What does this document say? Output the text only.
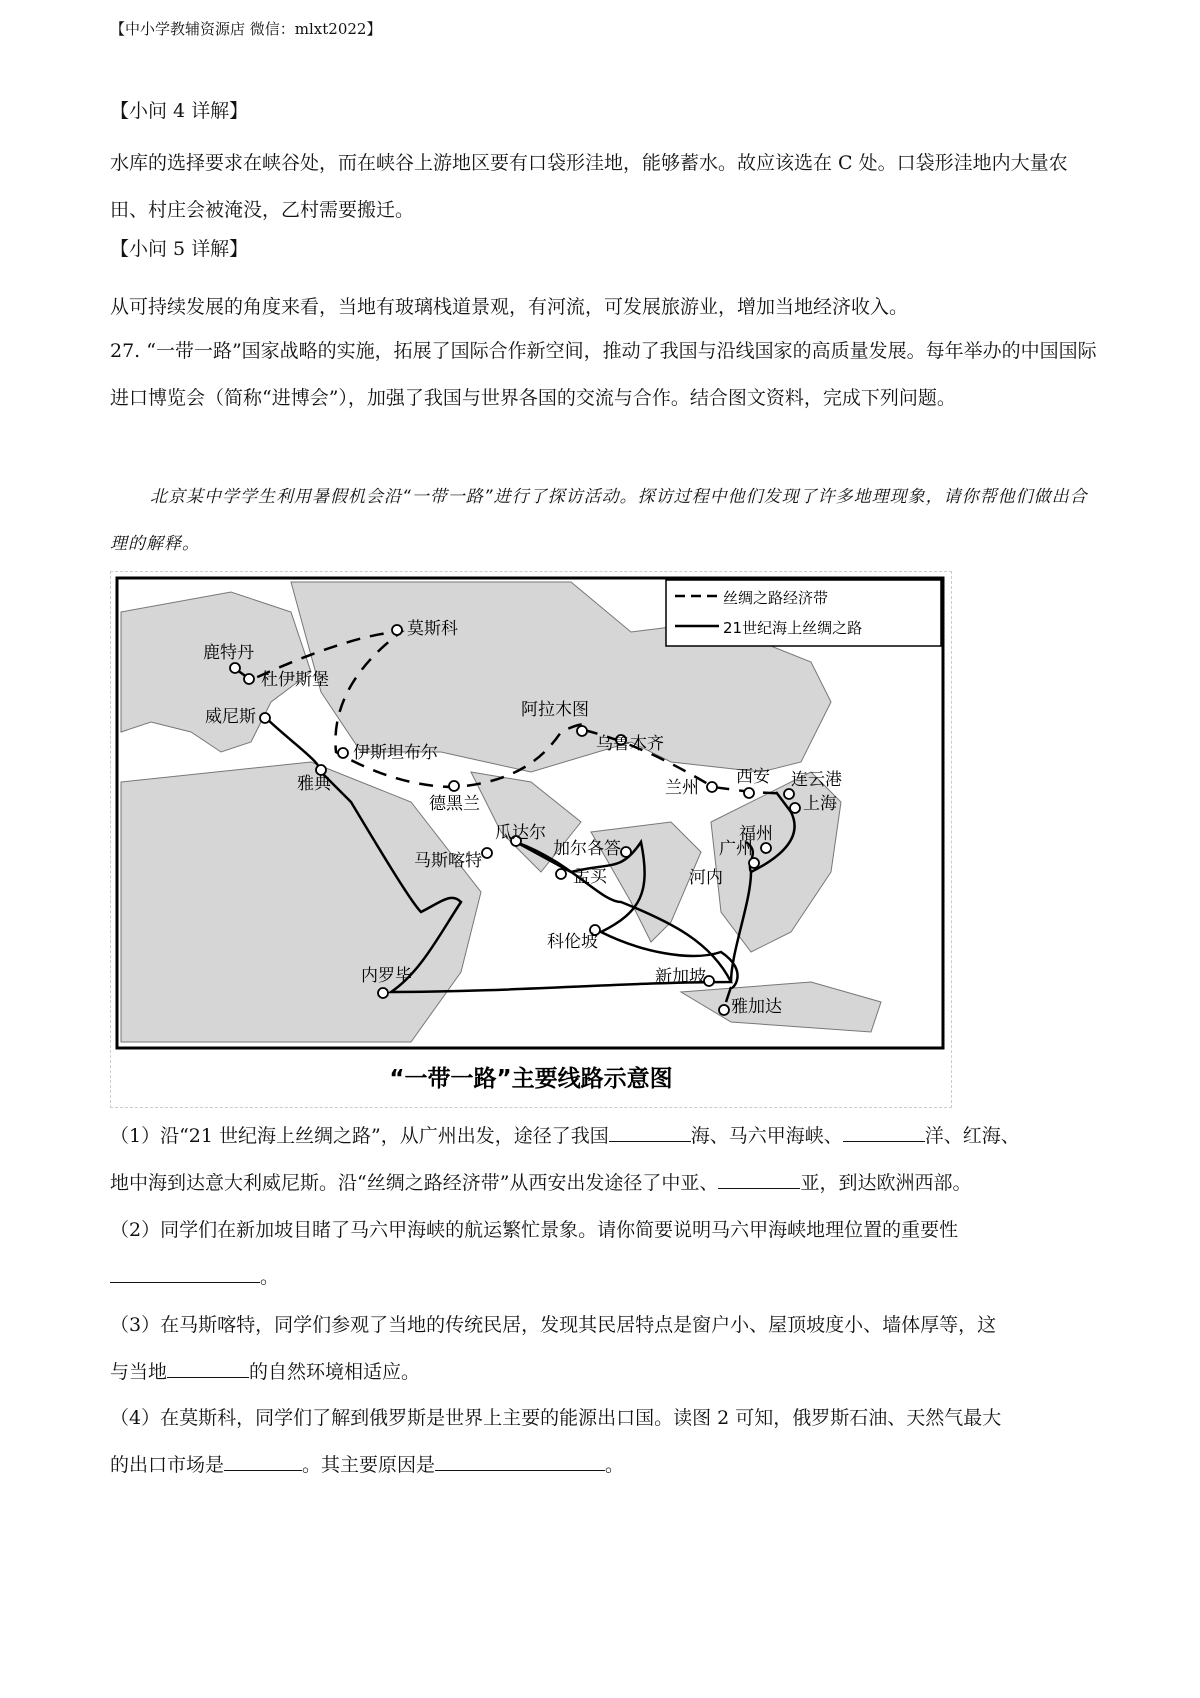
【中小学教辅资源店 微信：mlxt2022】
【小问 4 详解】
水库的选择要求在峡谷处，而在峡谷上游地区要有口袋形洼地，能够蓄水。故应该选在 C 处。口袋形洼地内大量农田、村庄会被淹没，乙村需要搬迁。
【小问 5 详解】
从可持续发展的角度来看，当地有玻璃栈道景观，有河流，可发展旅游业，增加当地经济收入。
27. “一带一路”国家战略的实施，拓展了国际合作新空间，推动了我国与沿线国家的高质量发展。每年举办的中国国际进口博览会（简称“进博会”），加强了我国与世界各国的交流与合作。结合图文资料，完成下列问题。
北京某中学学生利用暑假机会沿“一带一路”进行了探访活动。探访过程中他们发现了许多地理现象，请你帮他们做出合理的解释。
丝绸之路经济带
21世纪海上丝绸之路
莫斯科
鹿特丹
杜伊斯堡
威尼斯
伊斯坦布尔
雅典
德黑兰
阿拉木图
乌鲁木齐
兰州
西安 连云港
上海
福州
广州
河内
瓜达尔
马斯喀特
加尔各答
孟买
科伦坡
内罗毕	新加坡
雅加达
“一带一路”主要线路示意图
（1）沿“21 世纪海上丝绸之路”，从广州出发，途径了我国	海、马六甲海峡、	洋、红海、
地中海到达意大利威尼斯。沿“丝绸之路经济带”从西安出发途径了中亚、	亚，到达欧洲西部。
（2）同学们在新加坡目睹了马六甲海峡的航运繁忙景象。请你简要说明马六甲海峡地理位置的重要性
。
（3）在马斯喀特，同学们参观了当地的传统民居，发现其民居特点是窗户小、屋顶坡度小、墙体厚等，这
与当地	的自然环境相适应。
（4）在莫斯科，同学们了解到俄罗斯是世界上主要的能源出口国。读图 2 可知，俄罗斯石油、天然气最大
的出口市场是	。其主要原因是	。
